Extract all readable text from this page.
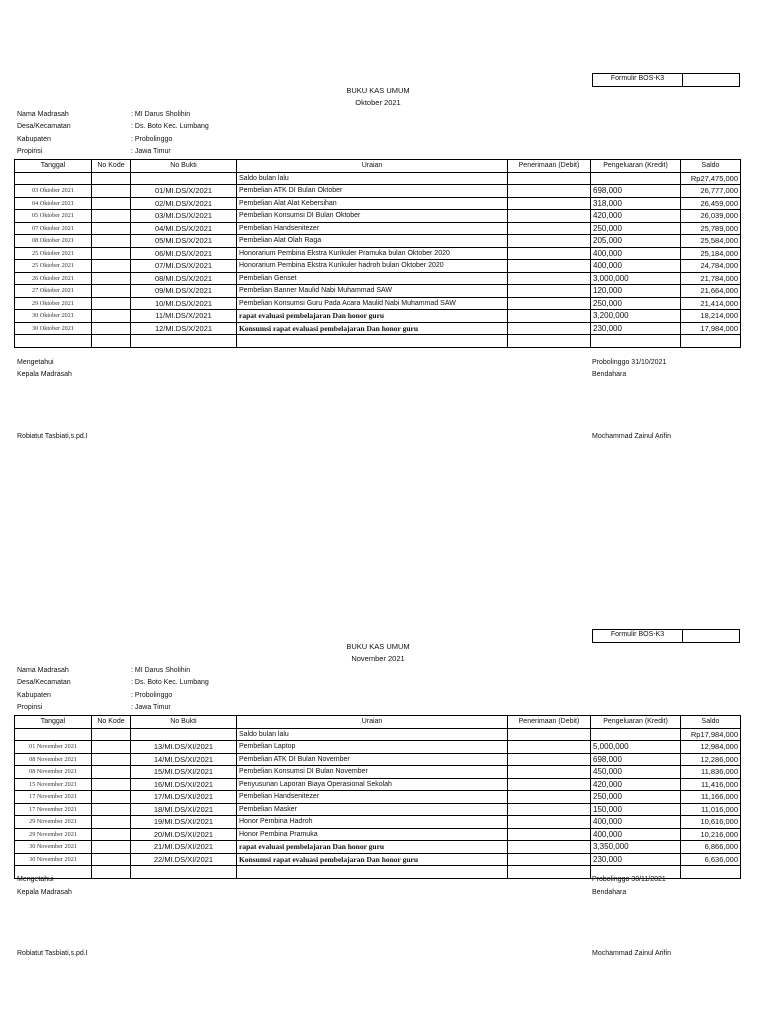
Formulir BOS-K3
BUKU KAS UMUM
Oktober 2021
Nama Madrasah	: MI Darus Sholihin
Desa/Kecamatan	: Ds. Boto Kec. Lumbang
Kabupaten	: Probolinggo
Propinsi	: Jawa Timur
Tanggal	No Kode	No Bukti	Uraian	Penerimaan (Debit)	Pengeluaran (Kredit)	Saldo
			Saldo bulan lalu			Rp27,475,000
03 Oktober 2021		01/MI.DS/X/2021	Pembelian ATK DI Bulan Oktober		698,000	26,777,000
04 Oktober 2021		02/MI.DS/X/2021	Pembelian Alat Alat Kebersihan		318,000	26,459,000
05 Oktober 2021		03/MI.DS/X/2021	Pembelian Konsumsi DI Bulan Oktober		420,000	26,039,000
07 Oktober 2021		04/MI.DS/X/2021	Pembelian Handsenitezer		250,000	25,789,000
08 Oktober 2021		05/MI.DS/X/2021	Pembelian Alat Olah Raga		205,000	25,584,000
25 Oktober 2021		06/MI.DS/X/2021	Honorarium Pembina Ekstra Kurikuler Pramuka bulan Oktober 2020		400,000	25,184,000
25 Oktober 2021		07/MI.DS/X/2021	Honorarium Pembina Ekstra Kurikuler hadroh bulan Oktober 2020		400,000	24,784,000
26 Oktober 2021		08/MI.DS/X/2021	Pembelian Genset		3,000,000	21,784,000
27 Oktober 2021		09/MI.DS/X/2021	Pembelian Banner Maulid Nabi Muhammad SAW		120,000	21,664,000
29 Oktober 2021		10/MI.DS/X/2021	Pembelian Konsumsi Guru Pada Acara Maulid Nabi Muhammad SAW		250,000	21,414,000
30 Oktober 2021		11/MI.DS/X/2021	rapat evaluasi pembelajaran Dan honor guru		3,200,000	18,214,000
30 Oktober 2021		12/MI.DS/X/2021	Konsumsi rapat evaluasi pembelajaran Dan honor guru		230,000	17,984,000

Mengetahui
Kepala Madrasah
Probolinggo 31/10/2021
Bendahara
Robiatut Tasbiati,s.pd.I	Mochammad Zainul Arifin
Formulir BOS-K3
BUKU KAS UMUM
November 2021
Nama Madrasah	: MI Darus Sholihin
Desa/Kecamatan	: Ds. Boto Kec. Lumbang
Kabupaten	: Probolinggo
Propinsi	: Jawa Timur
Tanggal	No Kode	No Bukti	Uraian	Penerimaan (Debit)	Pengeluaran (Kredit)	Saldo
			Saldo bulan lalu			Rp17,984,000
01 November 2021		13/MI.DS/XI/2021	Pembelian Laptop		5,000,000	12,984,000
08 November 2021		14/MI.DS/XI/2021	Pembelian ATK DI Bulan November		698,000	12,286,000
08 November 2021		15/MI.DS/XI/2021	Pembelian Konsumsi DI Bulan November		450,000	11,836,000
15 November 2021		16/MI.DS/XI/2021	Penyusunan Laporan Biaya Operasional Sekolah		420,000	11,416,000
17 November 2021		17/MI.DS/XI/2021	Pembelian Handsenitezer		250,000	11,166,000
17 November 2021		18/MI.DS/XI/2021	Pembelian Masker		150,000	11,016,000
29 November 2021		19/MI.DS/XI/2021	Honor Pembina Hadroh		400,000	10,616,000
29 November 2021		20/MI.DS/XI/2021	Honor Pembina Pramuka		400,000	10,216,000
30 November 2021		21/MI.DS/XI/2021	rapat evaluasi pembelajaran Dan honor guru		3,350,000	6,866,000
30 November 2021		22/MI.DS/XI/2021	Konsumsi rapat evaluasi pembelajaran Dan honor guru		230,000	6,636,000

Mengetahui
Kepala Madrasah
Probolinggo 30/11/2021
Bendahara
Robiatut Tasbiati,s.pd.I	Mochammad Zainul Arifin
